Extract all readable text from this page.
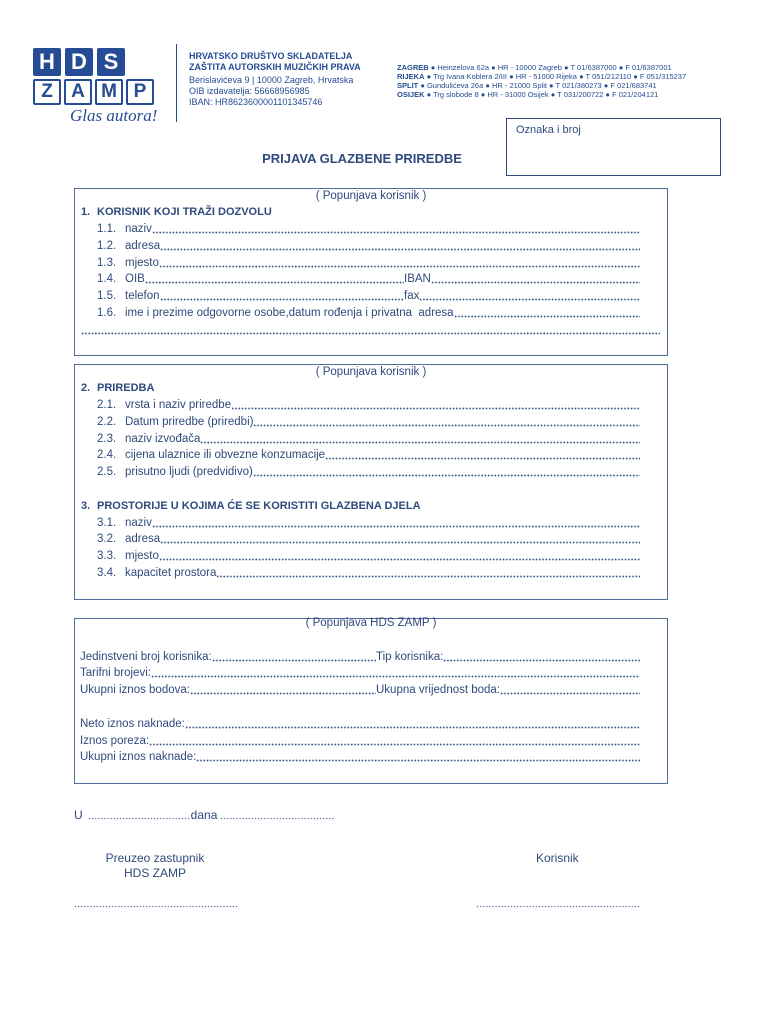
H D S
Z A M P
Glas autora!
HRVATSKO DRUŠTVO SKLADATELJA
ZAŠTITA AUTORSKIH MUZIČKIH PRAVA
Berislavićeva 9 | 10000 Zagreb, Hrvatska
OIB izdavatelja: 56668956985
IBAN: HR8623600001101345746
ZAGREB ● Heinzelova 62a ● HR - 10000 Zagreb ● T 01/6387000 ● F 01/6387001
RIJEKA ● Trg Ivana Koblera 2/III ● HR - 51000 Rijeka ● T 051/212110 ● F 051/315237
SPLIT ● Gundulićeva 26a ● HR - 21000 Split ● T 021/380273 ● F 021/683741
OSIJEK ● Trg slobode 8 ● HR - 31000 Osijek ● T 031/200722 ● F 021/204121
Oznaka i broj
PRIJAVA GLAZBENE PRIREDBE
( Popunjava korisnik )
1. KORISNIK KOJI TRAŽI DOZVOLU
1.1. naziv
1.2. adresa
1.3. mjesto
1.4. OIB	IBAN
1.5. telefon	fax
1.6. ime i prezime odgovorne osobe,datum rođenja i privatna  adresa
( Popunjava korisnik )
2. PRIREDBA
2.1. vrsta i naziv priredbe
2.2. Datum priredbe (priredbi)
2.3. naziv izvođača
2.4. cijena ulaznice ili obvezne konzumacije
2.5. prisutno ljudi (predvidivo)
3. PROSTORIJE U KOJIMA ĆE SE KORISTITI GLAZBENA DJELA
3.1. naziv
3.2. adresa
3.3. mjesto
3.4. kapacitet prostora
( Popunjava HDS ZAMP )
Jedinstveni broj korisnika:	Tip korisnika:
Tarifni brojevi:
Ukupni iznos bodova:	Ukupna vrijednost boda:
Neto iznos naknade:
Iznos poreza:
Ukupni iznos naknade:
U	dana
Preuzeo zastupnik
HDS ZAMP
Korisnik
